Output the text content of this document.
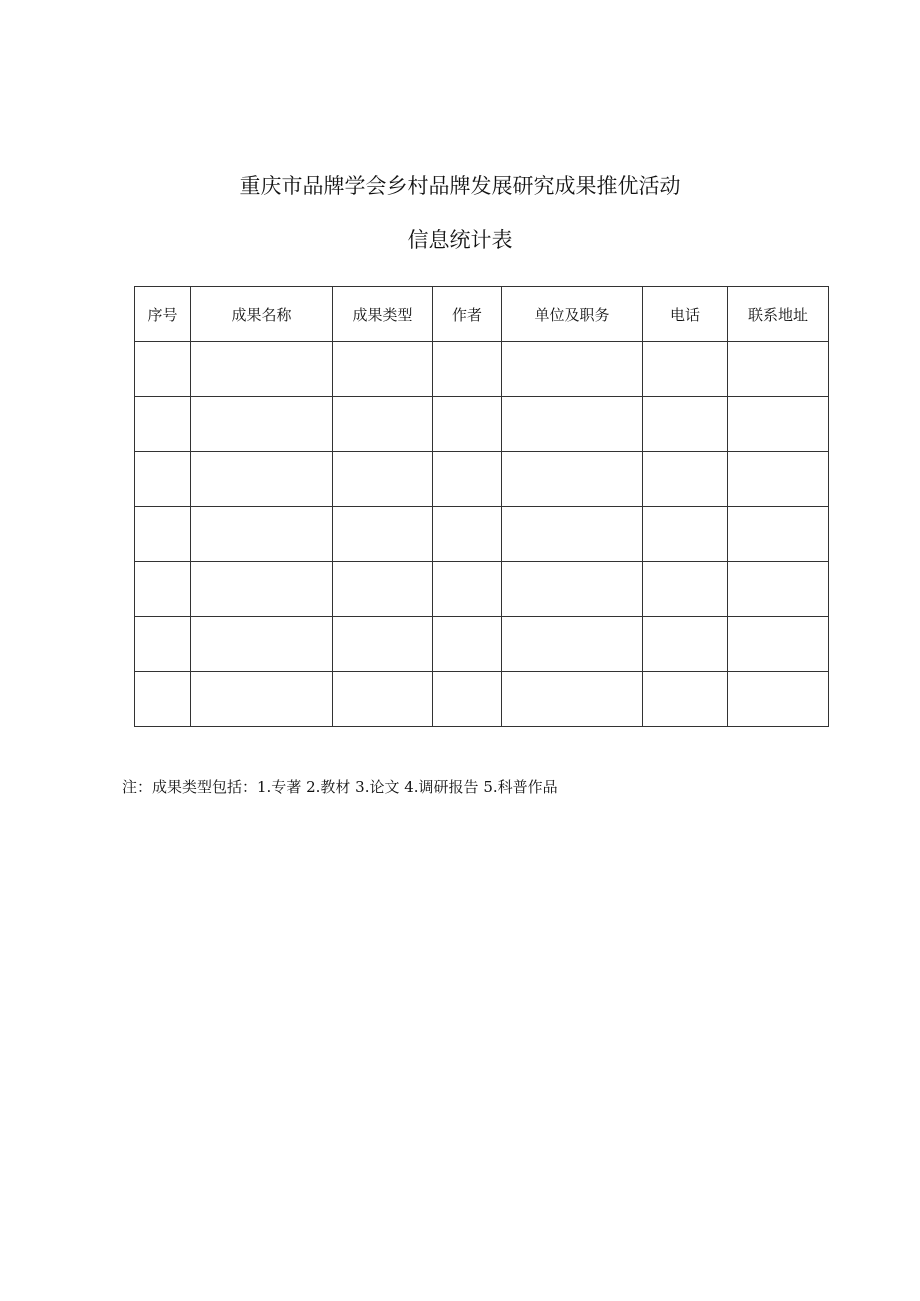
重庆市品牌学会乡村品牌发展研究成果推优活动
信息统计表
序号	成果名称	成果类型	作者	单位及职务	电话	联系地址

注：成果类型包括：1.专著 2.教材 3.论文 4.调研报告 5.科普作品
